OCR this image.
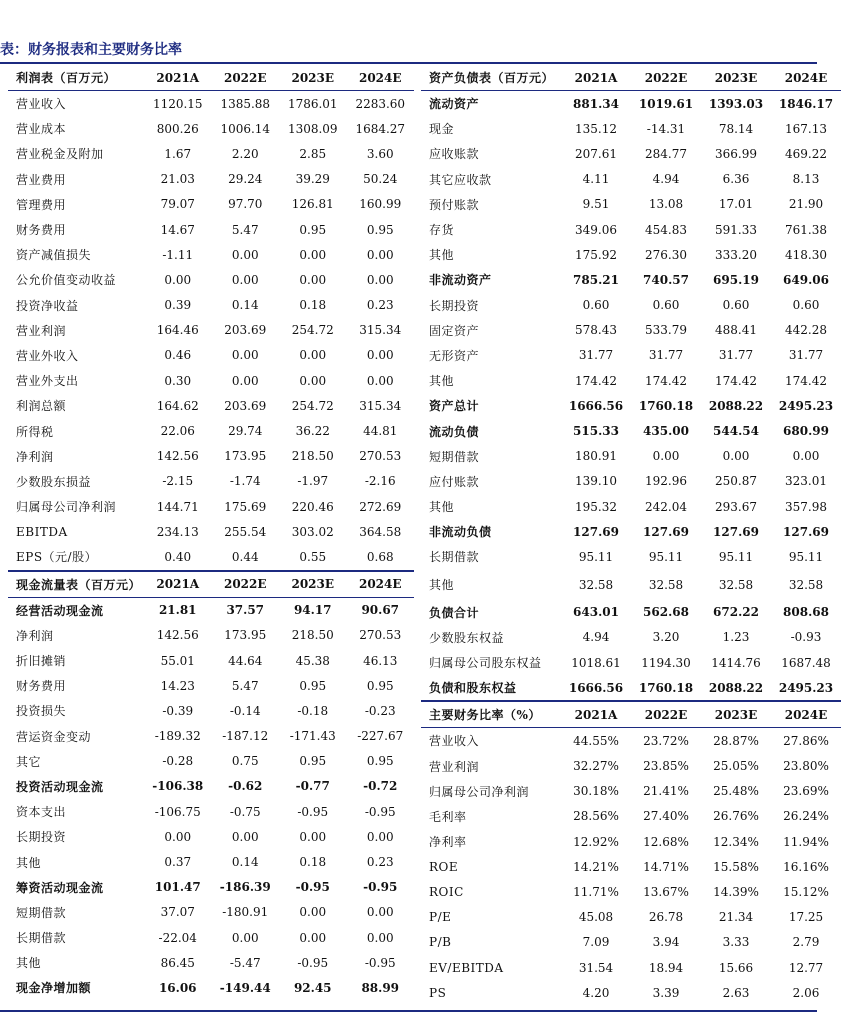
表：财务报表和主要财务比率
利润表（百万元）	2021A	2022E	2023E	2024E
营业收入	1120.15	1385.88	1786.01	2283.60
营业成本	800.26	1006.14	1308.09	1684.27
营业税金及附加	1.67	2.20	2.85	3.60
营业费用	21.03	29.24	39.29	50.24
管理费用	79.07	97.70	126.81	160.99
财务费用	14.67	5.47	0.95	0.95
资产减值损失	-1.11	0.00	0.00	0.00
公允价值变动收益	0.00	0.00	0.00	0.00
投资净收益	0.39	0.14	0.18	0.23
营业利润	164.46	203.69	254.72	315.34
营业外收入	0.46	0.00	0.00	0.00
营业外支出	0.30	0.00	0.00	0.00
利润总额	164.62	203.69	254.72	315.34
所得税	22.06	29.74	36.22	44.81
净利润	142.56	173.95	218.50	270.53
少数股东损益	-2.15	-1.74	-1.97	-2.16
归属母公司净利润	144.71	175.69	220.46	272.69
EBITDA	234.13	255.54	303.02	364.58
EPS（元/股）	0.40	0.44	0.55	0.68
现金流量表（百万元）	2021A	2022E	2023E	2024E
经营活动现金流	21.81	37.57	94.17	90.67
净利润	142.56	173.95	218.50	270.53
折旧摊销	55.01	44.64	45.38	46.13
财务费用	14.23	5.47	0.95	0.95
投资损失	-0.39	-0.14	-0.18	-0.23
营运资金变动	-189.32	-187.12	-171.43	-227.67
其它	-0.28	0.75	0.95	0.95
投资活动现金流	-106.38	-0.62	-0.77	-0.72
资本支出	-106.75	-0.75	-0.95	-0.95
长期投资	0.00	0.00	0.00	0.00
其他	0.37	0.14	0.18	0.23
筹资活动现金流	101.47	-186.39	-0.95	-0.95
短期借款	37.07	-180.91	0.00	0.00
长期借款	-22.04	0.00	0.00	0.00
其他	86.45	-5.47	-0.95	-0.95
现金净增加额	16.06	-149.44	92.45	88.99
资产负债表（百万元）	2021A	2022E	2023E	2024E
流动资产	881.34	1019.61	1393.03	1846.17
现金	135.12	-14.31	78.14	167.13
应收账款	207.61	284.77	366.99	469.22
其它应收款	4.11	4.94	6.36	8.13
预付账款	9.51	13.08	17.01	21.90
存货	349.06	454.83	591.33	761.38
其他	175.92	276.30	333.20	418.30
非流动资产	785.21	740.57	695.19	649.06
长期投资	0.60	0.60	0.60	0.60
固定资产	578.43	533.79	488.41	442.28
无形资产	31.77	31.77	31.77	31.77
其他	174.42	174.42	174.42	174.42
资产总计	1666.56	1760.18	2088.22	2495.23
流动负债	515.33	435.00	544.54	680.99
短期借款	180.91	0.00	0.00	0.00
应付账款	139.10	192.96	250.87	323.01
其他	195.32	242.04	293.67	357.98
非流动负债	127.69	127.69	127.69	127.69
长期借款	95.11	95.11	95.11	95.11
其他	32.58	32.58	32.58	32.58
负债合计	643.01	562.68	672.22	808.68
少数股东权益	4.94	3.20	1.23	-0.93
归属母公司股东权益	1018.61	1194.30	1414.76	1687.48
负债和股东权益	1666.56	1760.18	2088.22	2495.23
主要财务比率（%）	2021A	2022E	2023E	2024E
营业收入	44.55%	23.72%	28.87%	27.86%
营业利润	32.27%	23.85%	25.05%	23.80%
归属母公司净利润	30.18%	21.41%	25.48%	23.69%
毛利率	28.56%	27.40%	26.76%	26.24%
净利率	12.92%	12.68%	12.34%	11.94%
ROE	14.21%	14.71%	15.58%	16.16%
ROIC	11.71%	13.67%	14.39%	15.12%
P/E	45.08	26.78	21.34	17.25
P/B	7.09	3.94	3.33	2.79
EV/EBITDA	31.54	18.94	15.66	12.77
PS	4.20	3.39	2.63	2.06
